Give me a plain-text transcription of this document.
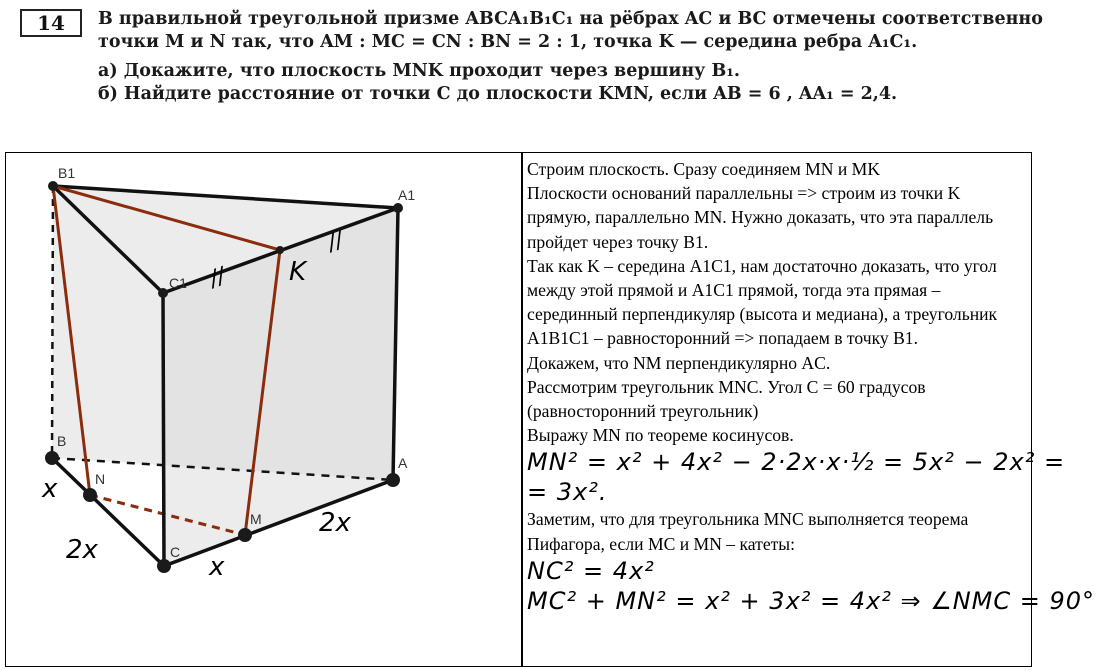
14 В правильной треугольной призме ABCA₁B₁C₁ на рёбрах AC и BC отмечены соответственно

точки M и N так, что AM : MC = CN : BN = 2 : 1, точка K — середина ребра A₁C₁.

а) Докажите, что плоскость MNK проходит через вершину B₁.

б) Найдите расстояние от точки C до плоскости KMN, если AB = 6 , AA₁ = 2,4.

B1
A1
C1
B
A
C
N
M
K
//
//
x
2x
x
2x

Строим плоскость. Сразу соединяем MN и MK

Плоскости оснований параллельны => строим из точки K прямую, параллельно MN. Нужно доказать, что эта параллель пройдет через точку B1.

Так как K – середина A1C1, нам достаточно доказать, что угол между этой прямой и A1C1 прямой, тогда эта прямая – серединный перпендикуляр (высота и медиана), а треугольник A1B1C1 – равносторонний => попадаем в точку B1.

Докажем, что NM перпендикулярно AC.

Рассмотрим треугольник MNC. Угол C = 60 градусов (равносторонний треугольник)

Выражу MN по теореме косинусов.

MN² = x² + 4x² − 2·2x·x·½ = 5x² − 2x² =
= 3x².

Заметим, что для треугольника MNC выполняется теорема Пифагора, если MC и MN – катеты:

NC² = 4x²
MC² + MN² = x² + 3x² = 4x² ⇒ ∠NMC = 90°
